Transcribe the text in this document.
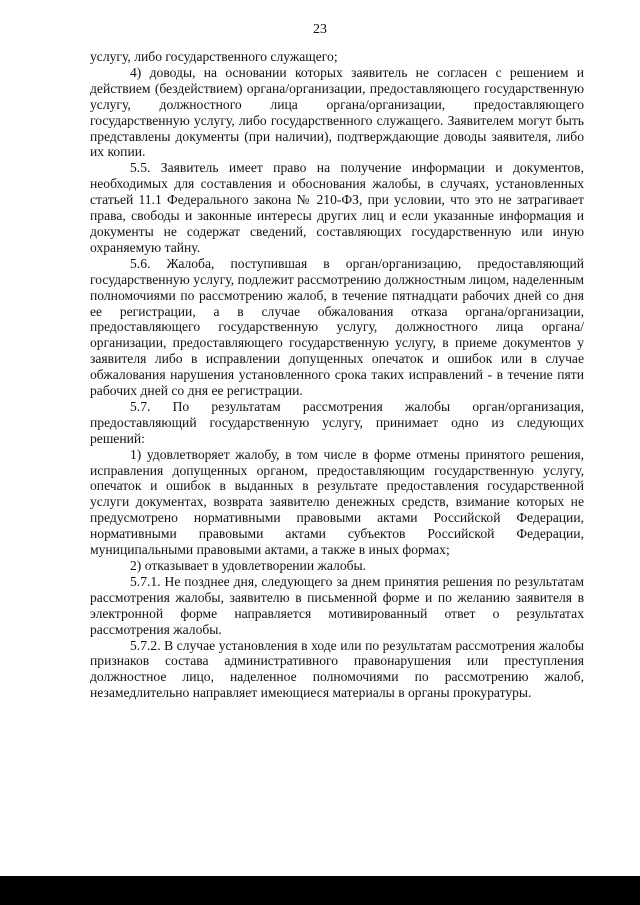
23

услугу, либо государственного служащего;

4) доводы, на основании которых заявитель не согласен с решением и действием (бездействием) органа/организации, предоставляющего государственную услугу, должностного лица органа/организации, предоставляющего государственную услугу, либо государственного служащего. Заявителем могут быть представлены документы (при наличии), подтверждающие доводы заявителя, либо их копии.

5.5. Заявитель имеет право на получение информации и документов, необходимых для составления и обоснования жалобы, в случаях, установленных статьей 11.1 Федерального закона № 210-ФЗ, при условии, что это не затрагивает права, свободы и законные интересы других лиц и если указанные информация и документы не содержат сведений, составляющих государственную или иную охраняемую тайну.

5.6. Жалоба, поступившая в орган/организацию, предоставляющий государственную услугу, подлежит рассмотрению должностным лицом, наделенным полномочиями по рассмотрению жалоб, в течение пятнадцати рабочих дней со дня ее регистрации, а в случае обжалования отказа органа/организации, предоставляющего государственную услугу, должностного лица органа/организации, предоставляющего государственную услугу, в приеме документов у заявителя либо в исправлении допущенных опечаток и ошибок или в случае обжалования нарушения установленного срока таких исправлений - в течение пяти рабочих дней со дня ее регистрации.

5.7. По результатам рассмотрения жалобы орган/организация, предоставляющий государственную услугу, принимает одно из следующих решений:

1) удовлетворяет жалобу, в том числе в форме отмены принятого решения, исправления допущенных органом, предоставляющим государственную услугу, опечаток и ошибок в выданных в результате предоставления государственной услуги документах, возврата заявителю денежных средств, взимание которых не предусмотрено нормативными правовыми актами Российской Федерации, нормативными правовыми актами субъектов Российской Федерации, муниципальными правовыми актами, а также в иных формах;

2) отказывает в удовлетворении жалобы.

5.7.1. Не позднее дня, следующего за днем принятия решения по результатам рассмотрения жалобы, заявителю в письменной форме и по желанию заявителя в электронной форме направляется мотивированный ответ о результатах рассмотрения жалобы.

5.7.2. В случае установления в ходе или по результатам рассмотрения жалобы признаков состава административного правонарушения или преступления должностное лицо, наделенное полномочиями по рассмотрению жалоб, незамедлительно направляет имеющиеся материалы в органы прокуратуры.
